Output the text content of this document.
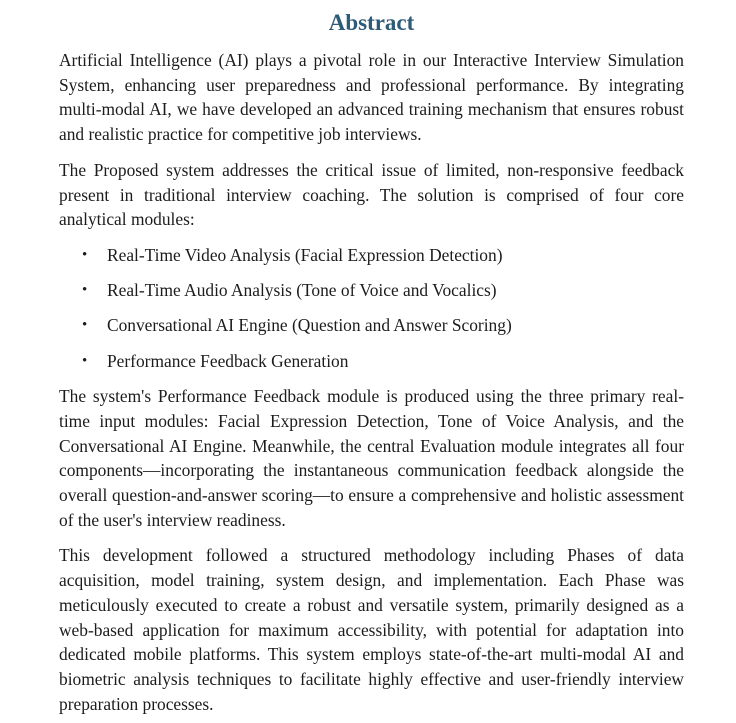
Abstract

Artificial Intelligence (AI) plays a pivotal role in our Interactive Interview Simulation System, enhancing user preparedness and professional performance. By integrating multi-modal AI, we have developed an advanced training mechanism that ensures robust and realistic practice for competitive job interviews.

The Proposed system addresses the critical issue of limited, non-responsive feedback present in traditional interview coaching. The solution is comprised of four core analytical modules:

• Real-Time Video Analysis (Facial Expression Detection)
• Real-Time Audio Analysis (Tone of Voice and Vocalics)
• Conversational AI Engine (Question and Answer Scoring)
• Performance Feedback Generation

The system's Performance Feedback module is produced using the three primary real-time input modules: Facial Expression Detection, Tone of Voice Analysis, and the Conversational AI Engine. Meanwhile, the central Evaluation module integrates all four components—incorporating the instantaneous communication feedback alongside the overall question-and-answer scoring—to ensure a comprehensive and holistic assessment of the user's interview readiness.

This development followed a structured methodology including Phases of data acquisition, model training, system design, and implementation. Each Phase was meticulously executed to create a robust and versatile system, primarily designed as a web-based application for maximum accessibility, with potential for adaptation into dedicated mobile platforms. This system employs state-of-the-art multi-modal AI and biometric analysis techniques to facilitate highly effective and user-friendly interview preparation processes.
